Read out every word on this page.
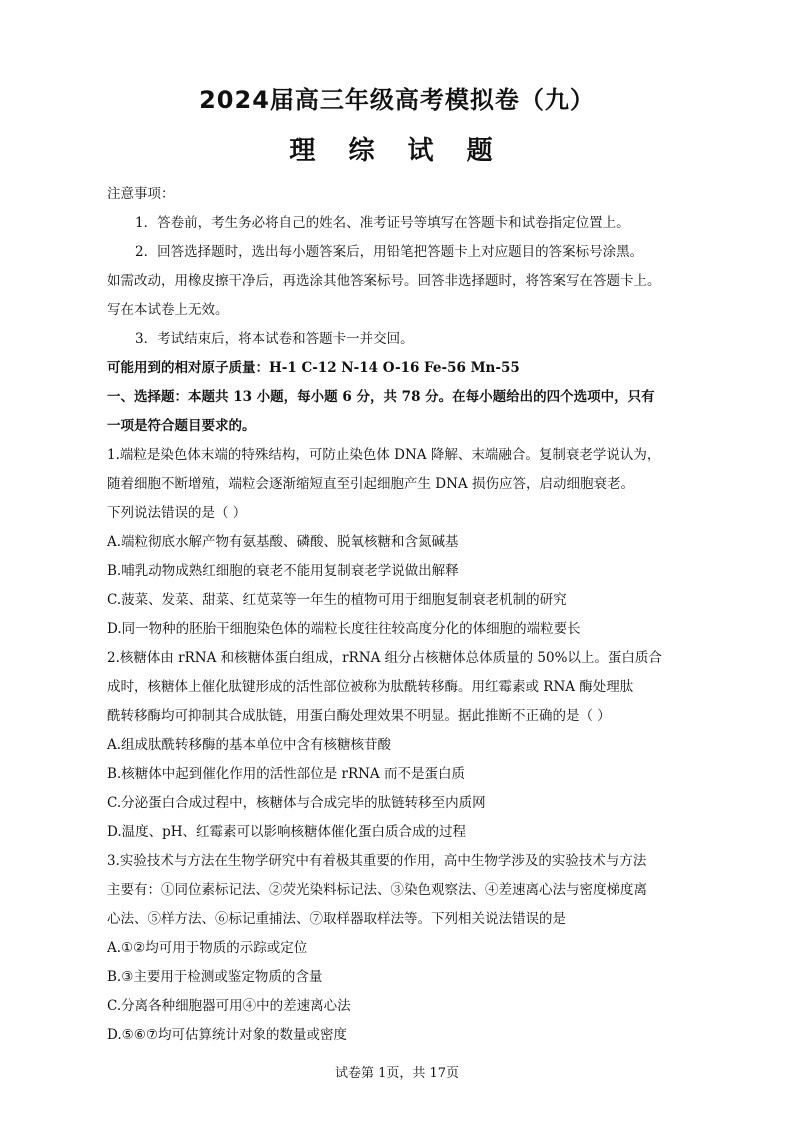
2024届高三年级高考模拟卷（九）
理 综 试 题
注意事项：
1．答卷前，考生务必将自己的姓名、准考证号等填写在答题卡和试卷指定位置上。
2．回答选择题时，选出每小题答案后，用铅笔把答题卡上对应题目的答案标号涂黑。
如需改动，用橡皮擦干净后，再选涂其他答案标号。回答非选择题时，将答案写在答题卡上。
写在本试卷上无效。
3．考试结束后，将本试卷和答题卡一并交回。
可能用到的相对原子质量：H-1 C-12 N-14 O-16 Fe-56 Mn-55
一、选择题：本题共 13 小题，每小题 6 分，共 78 分。在每小题给出的四个选项中，只有
一项是符合题目要求的。
1.端粒是染色体末端的特殊结构，可防止染色体 DNA 降解、末端融合。复制衰老学说认为，
随着细胞不断增殖，端粒会逐渐缩短直至引起细胞产生 DNA 损伤应答，启动细胞衰老。
下列说法错误的是（ ）
A.端粒彻底水解产物有氨基酸、磷酸、脱氧核糖和含氮碱基
B.哺乳动物成熟红细胞的衰老不能用复制衰老学说做出解释
C.菠菜、发菜、甜菜、红苋菜等一年生的植物可用于细胞复制衰老机制的研究
D.同一物种的胚胎干细胞染色体的端粒长度往往较高度分化的体细胞的端粒要长
2.核糖体由 rRNA 和核糖体蛋白组成，rRNA 组分占核糖体总体质量的 50%以上。蛋白质合
成时，核糖体上催化肽键形成的活性部位被称为肽酰转移酶。用红霉素或 RNA 酶处理肽
酰转移酶均可抑制其合成肽链，用蛋白酶处理效果不明显。据此推断不正确的是（ ）
A.组成肽酰转移酶的基本单位中含有核糖核苷酸
B.核糖体中起到催化作用的活性部位是 rRNA 而不是蛋白质
C.分泌蛋白合成过程中，核糖体与合成完毕的肽链转移至内质网
D.温度、pH、红霉素可以影响核糖体催化蛋白质合成的过程
3.实验技术与方法在生物学研究中有着极其重要的作用，高中生物学涉及的实验技术与方法
主要有：①同位素标记法、②荧光染料标记法、③染色观察法、④差速离心法与密度梯度离
心法、⑤样方法、⑥标记重捕法、⑦取样器取样法等。下列相关说法错误的是
A.①②均可用于物质的示踪或定位
B.③主要用于检测或鉴定物质的含量
C.分离各种细胞器可用④中的差速离心法
D.⑤⑥⑦均可估算统计对象的数量或密度
试卷第 1页，共 17页
